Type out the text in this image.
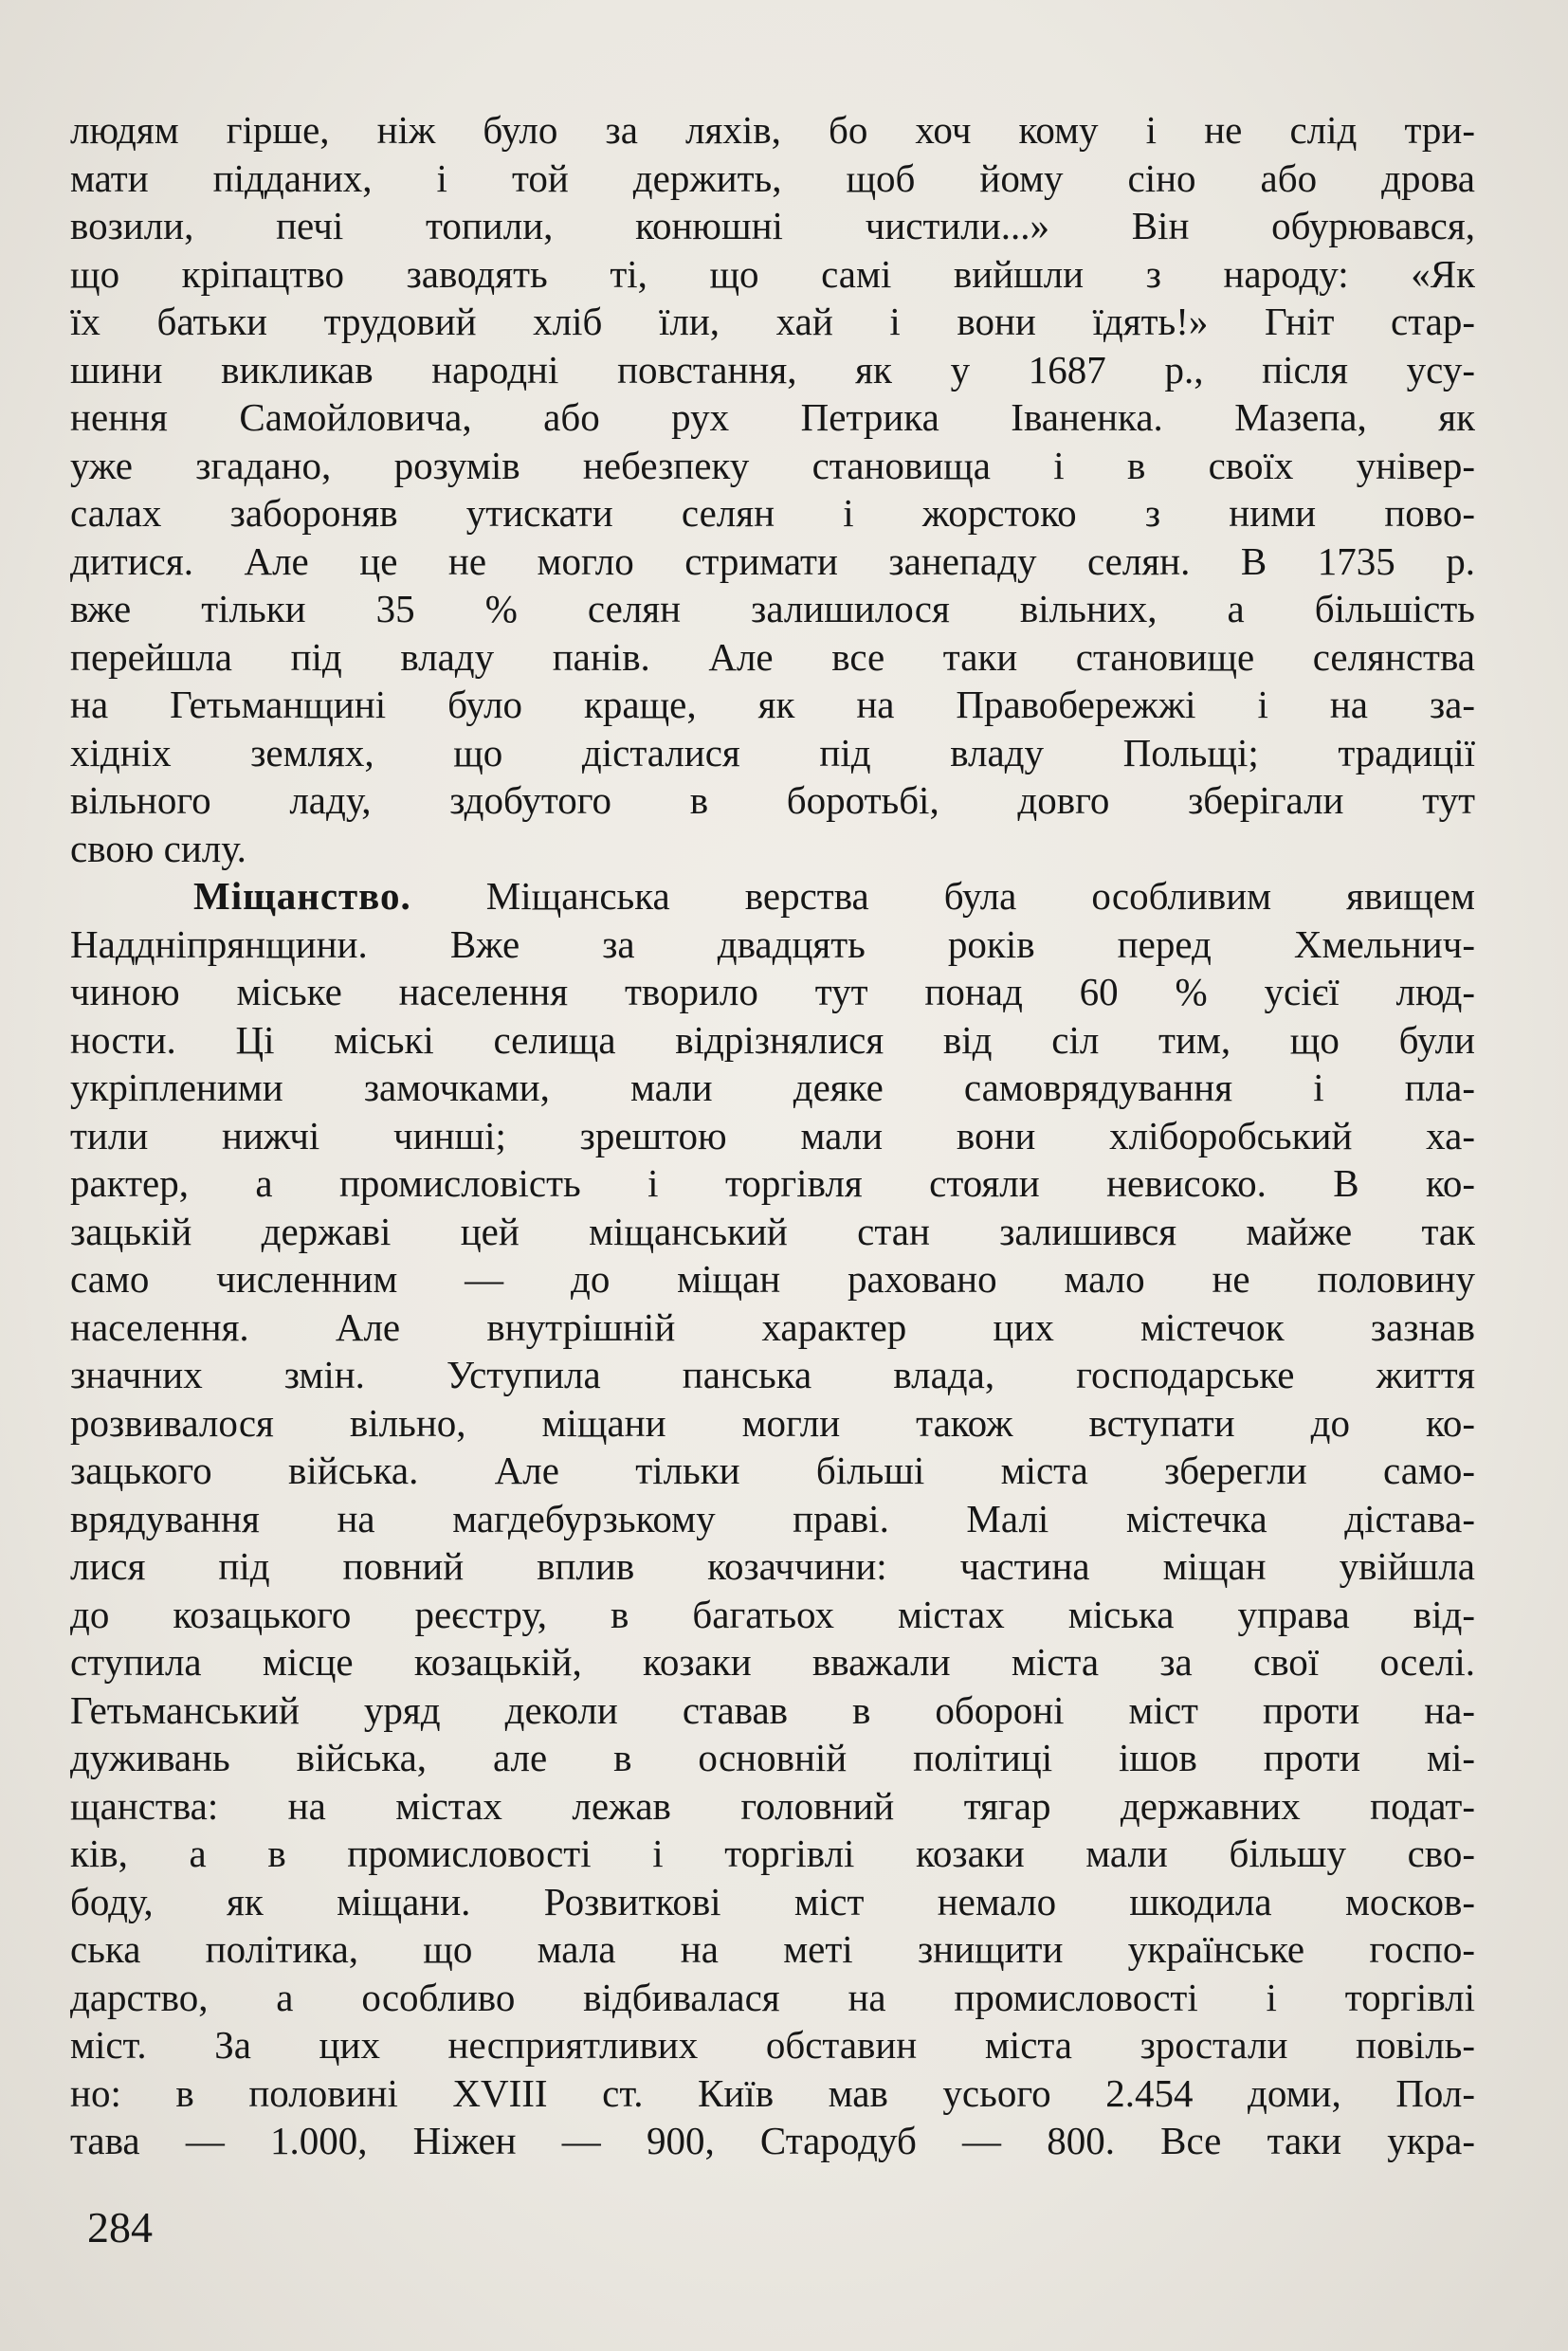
людям гірше, ніж було за ляхів, бо хоч кому і не слід три-
мати підданих, і той держить, щоб йому сіно або дрова
возили, печі топили, конюшні чистили...» Він обурювався,
що кріпацтво заводять ті, що самі вийшли з народу: «Як
їх батьки трудовий хліб їли, хай і вони їдять!» Гніт стар-
шини викликав народні повстання, як у 1687 р., після усу-
нення Самойловича, або рух Петрика Іваненка. Мазепа, як
уже згадано, розумів небезпеку становища і в своїх універ-
салах забороняв утискати селян і жорстоко з ними пово-
дитися. Але це не могло стримати занепаду селян. В 1735 р.
вже тільки 35 % селян залишилося вільних, а більшість
перейшла під владу панів. Але все таки становище селянства
на Гетьманщині було краще, як на Правобережжі і на за-
хідніх землях, що дісталися під владу Польщі; традиції
вільного ладу, здобутого в боротьбі, довго зберігали тут
свою силу.
Міщанство. Міщанська верства була особливим явищем
Наддніпрянщини. Вже за двадцять років перед Хмельнич-
чиною міське населення творило тут понад 60 % усієї люд-
ности. Ці міські селища відрізнялися від сіл тим, що були
укріпленими замочками, мали деяке самоврядування і пла-
тили нижчі чинші; зрештою мали вони хліборобський ха-
рактер, а промисловість і торгівля стояли невисоко. В ко-
зацькій державі цей міщанський стан залишився майже так
само численним — до міщан раховано мало не половину
населення. Але внутрішній характер цих містечок зазнав
значних змін. Уступила панська влада, господарське життя
розвивалося вільно, міщани могли також вступати до ко-
зацького війська. Але тільки більші міста зберегли само-
врядування на магдебурзькому праві. Малі містечка дістава-
лися під повний вплив козаччини: частина міщан увійшла
до козацького реєстру, в багатьох містах міська управа від-
ступила місце козацькій, козаки вважали міста за свої оселі.
Гетьманський уряд деколи ставав в обороні міст проти на-
дуживань війська, але в основній політиці ішов проти мі-
щанства: на містах лежав головний тягар державних подат-
ків, а в промисловості і торгівлі козаки мали більшу сво-
боду, як міщани. Розвиткові міст немало шкодила москов-
ська політика, що мала на меті знищити українське госпо-
дарство, а особливо відбивалася на промисловості і торгівлі
міст. За цих несприятливих обставин міста зростали повіль-
но: в половині XVIII ст. Київ мав усього 2.454 доми, Пол-
тава — 1.000, Ніжен — 900, Стародуб — 800. Все таки укра-
284
